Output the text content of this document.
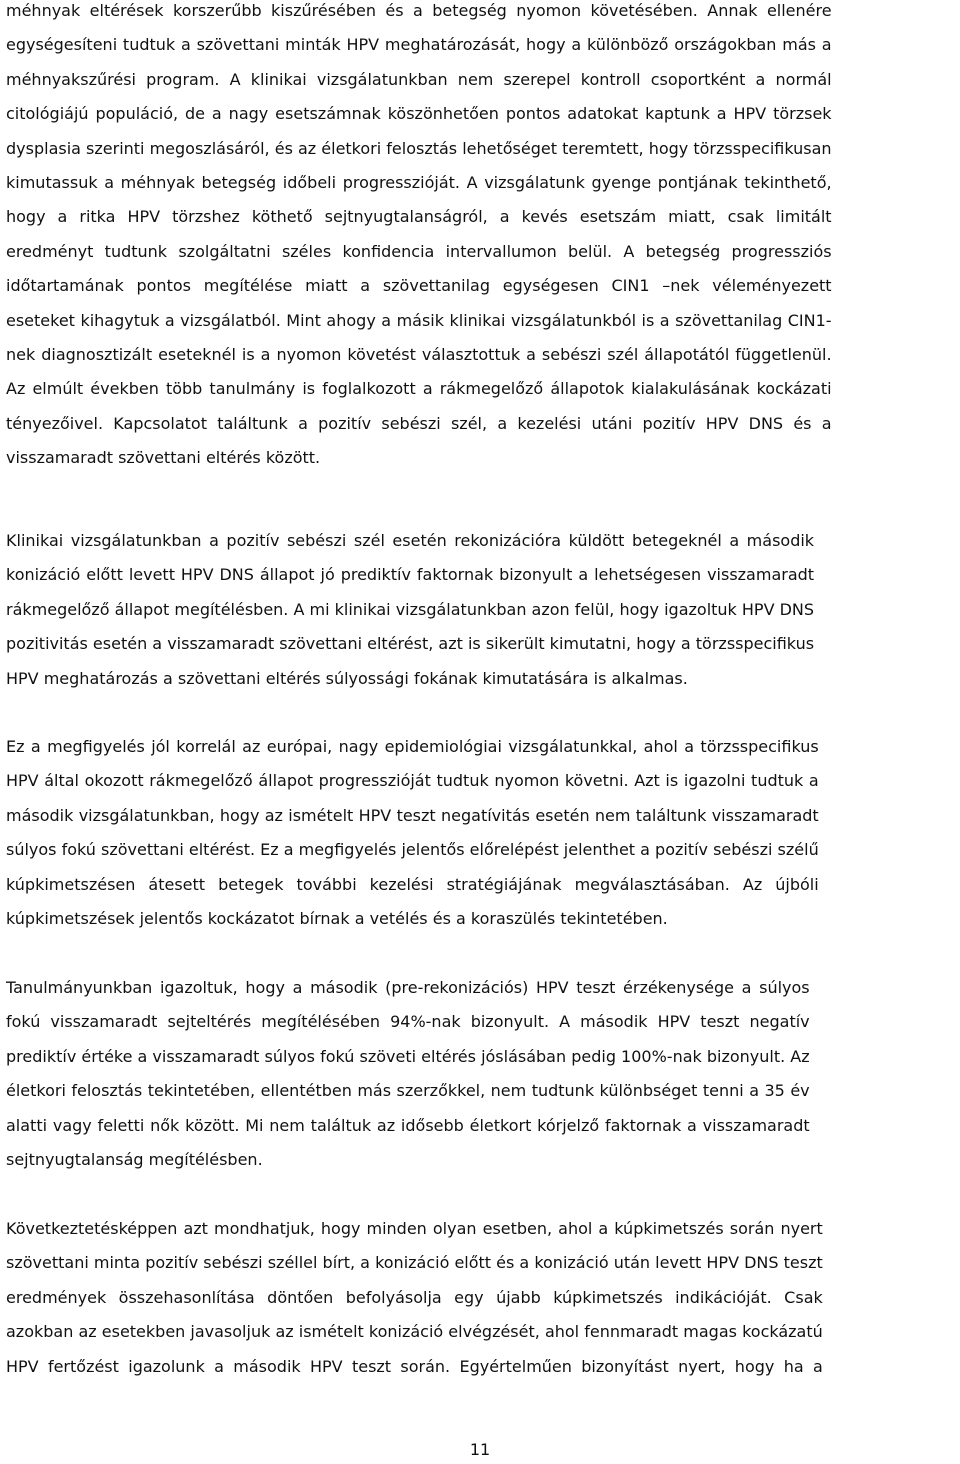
méhnyak eltérések korszerűbb kiszűrésében és a betegség nyomon követésében. Annak ellenére
egységesíteni tudtuk a szövettani minták HPV meghatározását, hogy a különböző országokban más a
méhnyakszűrési program. A klinikai vizsgálatunkban nem szerepel kontroll csoportként a normál
citológiájú populáció, de a nagy esetszámnak köszönhetően pontos adatokat kaptunk a HPV törzsek
dysplasia szerinti megoszlásáról, és az életkori felosztás lehetőséget teremtett, hogy törzsspecifikusan
kimutassuk a méhnyak betegség időbeli progresszióját. A vizsgálatunk gyenge pontjának tekinthető,
hogy a ritka HPV törzshez köthető sejtnyugtalanságról, a kevés esetszám miatt, csak limitált
eredményt tudtunk szolgáltatni széles konfidencia intervallumon belül. A betegség progressziós
időtartamának pontos megítélése miatt a szövettanilag egységesen CIN1 –nek véleményezett
eseteket kihagytuk a vizsgálatból. Mint ahogy a másik klinikai vizsgálatunkból is a szövettanilag CIN1-
nek diagnosztizált eseteknél is a nyomon követést választottuk a sebészi szél állapotától függetlenül.
Az elmúlt években több tanulmány is foglalkozott a rákmegelőző állapotok kialakulásának kockázati
tényezőivel. Kapcsolatot találtunk a pozitív sebészi szél, a kezelési utáni pozitív HPV DNS és a
visszamaradt szövettani eltérés között.
Klinikai vizsgálatunkban a pozitív sebészi szél esetén rekonizációra küldött betegeknél a második
konizáció előtt levett HPV DNS állapot jó prediktív faktornak bizonyult a lehetségesen visszamaradt
rákmegelőző állapot megítélésben. A mi klinikai vizsgálatunkban azon felül, hogy igazoltuk HPV DNS
pozitivitás esetén a visszamaradt szövettani eltérést, azt is sikerült kimutatni, hogy a törzsspecifikus
HPV meghatározás a szövettani eltérés súlyossági fokának kimutatására is alkalmas.
Ez a megfigyelés jól korrelál az európai, nagy epidemiológiai vizsgálatunkkal, ahol a törzsspecifikus
HPV által okozott rákmegelőző állapot progresszióját tudtuk nyomon követni. Azt is igazolni tudtuk a
második vizsgálatunkban, hogy az ismételt HPV teszt negatívitás esetén nem találtunk visszamaradt
súlyos fokú szövettani eltérést. Ez a megfigyelés jelentős előrelépést jelenthet a pozitív sebészi szélű
kúpkimetszésen átesett betegek további kezelési stratégiájának megválasztásában. Az újbóli
kúpkimetszések jelentős kockázatot bírnak a vetélés és a koraszülés tekintetében.
Tanulmányunkban igazoltuk, hogy a második (pre-rekonizációs) HPV teszt érzékenysége a súlyos
fokú visszamaradt sejteltérés megítélésében 94%-nak bizonyult. A második HPV teszt negatív
prediktív értéke a visszamaradt súlyos fokú szöveti eltérés jóslásában pedig 100%-nak bizonyult. Az
életkori felosztás tekintetében, ellentétben más szerzőkkel, nem tudtunk különbséget tenni a 35 év
alatti vagy feletti nők között. Mi nem találtuk az idősebb életkort kórjelző faktornak a visszamaradt
sejtnyugtalanság megítélésben.
Következtetésképpen azt mondhatjuk, hogy minden olyan esetben, ahol a kúpkimetszés során nyert
szövettani minta pozitív sebészi széllel bírt, a konizáció előtt és a konizáció után levett HPV DNS teszt
eredmények összehasonlítása döntően befolyásolja egy újabb kúpkimetszés indikációját. Csak
azokban az esetekben javasoljuk az ismételt konizáció elvégzését, ahol fennmaradt magas kockázatú
HPV fertőzést igazolunk a második HPV teszt során. Egyértelműen bizonyítást nyert, hogy ha a
11
